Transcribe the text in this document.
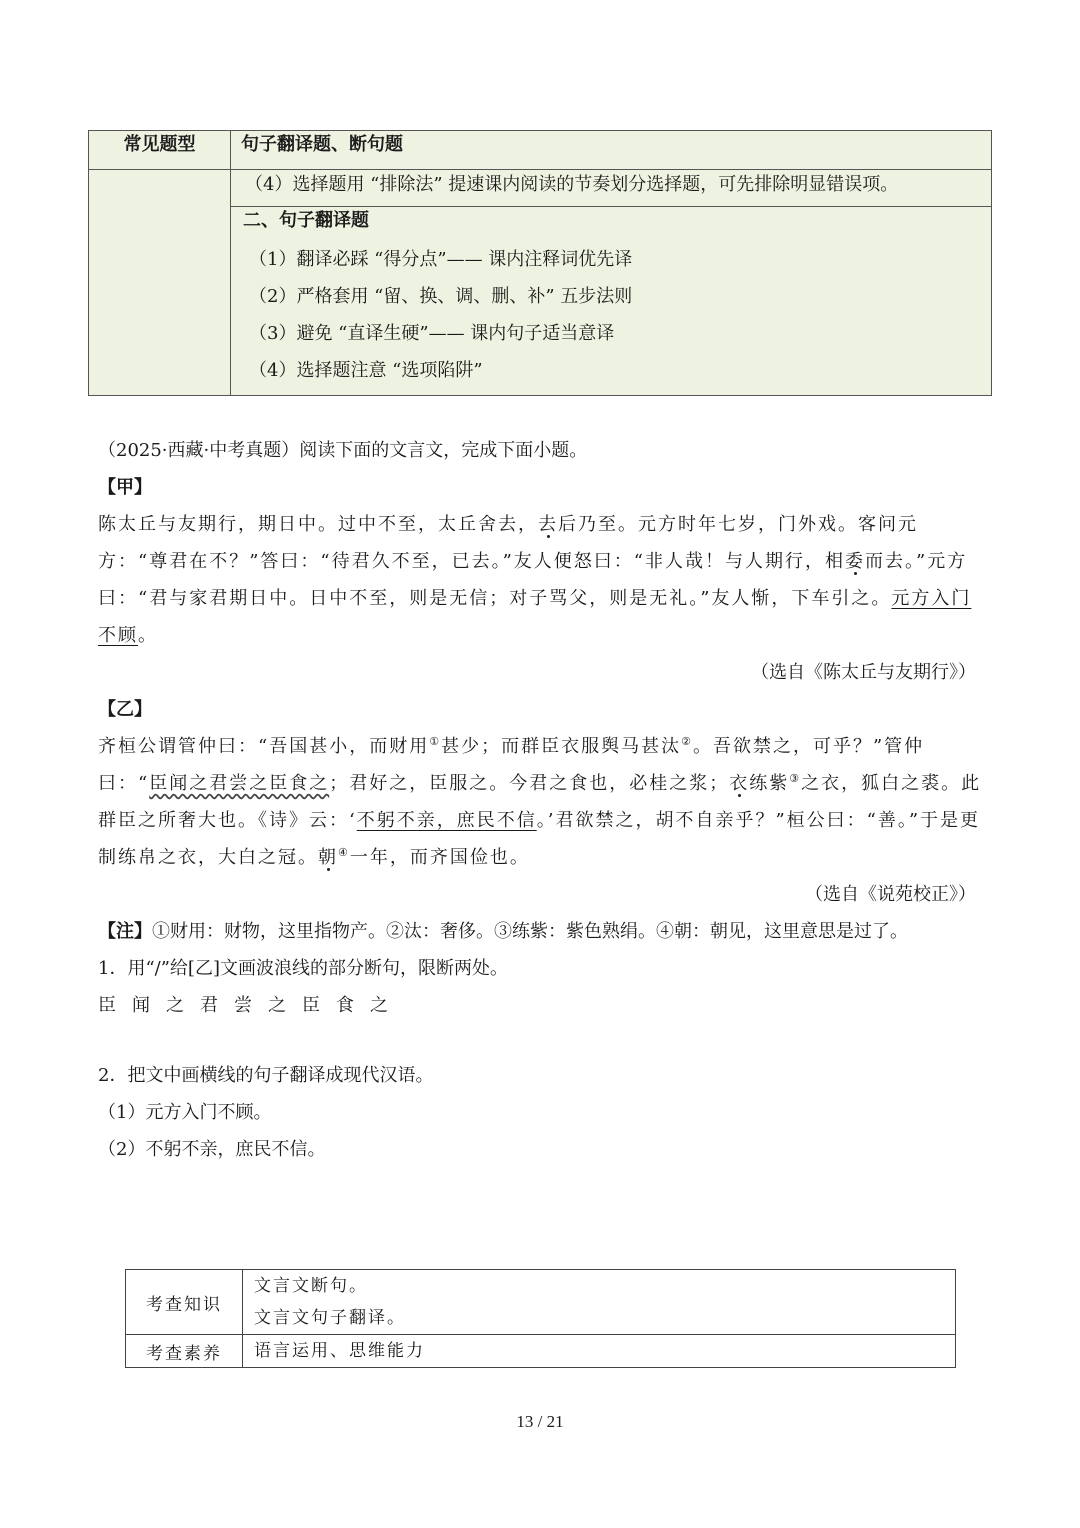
常见题型	句子翻译题、断句题
	（4）选择题用 “排除法” 提速课内阅读的节奏划分选择题，可先排除明显错误项。

	二、句子翻译题
（1）翻译必踩 “得分点”—— 课内注释词优先译
（2）严格套用 “留、换、调、删、补” 五步法则
（3）避免 “直译生硬”—— 课内句子适当意译
（4）选择题注意 “选项陷阱”

（2025·西藏·中考真题）阅读下面的文言文，完成下面小题。

【甲】

陈太丘与友期行，期日中。过中不至，太丘舍去，去后乃至。元方时年七岁，门外戏。客问元方：“尊君在不？”答曰：“待君久不至，已去。”友人便怒曰：“非人哉！与人期行，相委而去。”元方曰：“君与家君期日中。日中不至，则是无信；对子骂父，则是无礼。”友人惭，下车引之。元方入门不顾。

（选自《陈太丘与友期行》）

【乙】

齐桓公谓管仲曰：“吾国甚小，而财用①甚少；而群臣衣服舆马甚汰②。吾欲禁之，可乎？”管仲曰：“臣闻之君尝之臣食之；君好之，臣服之。今君之食也，必桂之浆；衣练紫③之衣，狐白之裘。此群臣之所奢大也。《诗》云：‘不躬不亲，庶民不信。’君欲禁之，胡不自亲乎？”桓公曰：“善。”于是更制练帛之衣，大白之冠。朝④一年，而齐国俭也。

（选自《说苑校正》）

【注】①财用：财物，这里指物产。②汰：奢侈。③练紫：紫色熟绢。④朝：朝见，这里意思是过了。

1．用“/”给[乙]文画波浪线的部分断句，限断两处。

臣闻之君尝之臣食之

2．把文中画横线的句子翻译成现代汉语。

（1）元方入门不顾。

（2）不躬不亲，庶民不信。

考查知识	文言文断句。
文言文句子翻译。

考查素养	语言运用、思维能力
13 / 21
